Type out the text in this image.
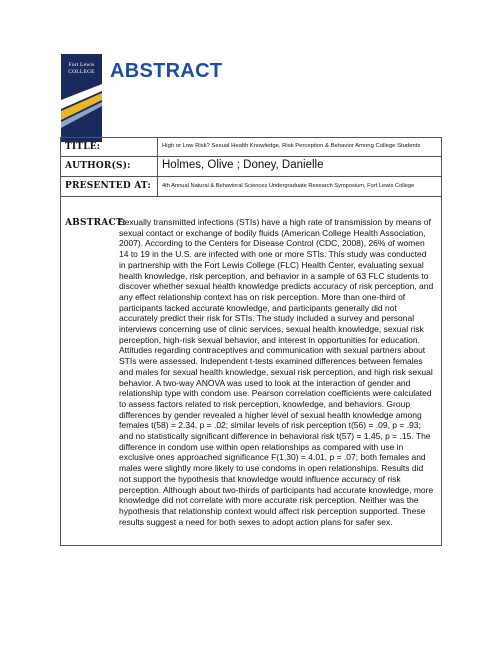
Fort Lewis
COLLEGE ABSTRACT
TITLE:	High or Low Risk? Sexual Health Knowledge, Risk Perception & Behavior Among College Students
AUTHOR(S):	Holmes, Olive ; Doney, Danielle
PRESENTED AT: 4th Annual Natural & Behavioral Sciences Undergraduate Research Symposium, Fort Lewis College
ABSTRACT:
Sexually transmitted infections (STIs) have a high rate of transmission by means of sexual contact or exchange of bodily fluids (American College Health Association, 2007). According to the Centers for Disease Control (CDC, 2008), 26% of women 14 to 19 in the U.S. are infected with one or more STIs. This study was conducted in partnership with the Fort Lewis College (FLC) Health Center, evaluating sexual health knowledge, risk perception, and behavior in a sample of 63 FLC students to discover whether sexual health knowledge predicts accuracy of risk perception, and any effect relationship context has on risk perception. More than one-third of participants lacked accurate knowledge, and participants generally did not accurately predict their risk for STIs. The study included a survey and personal interviews concerning use of clinic services, sexual health knowledge, sexual risk perception, high-risk sexual behavior, and interest in opportunities for education. Attitudes regarding contraceptives and communication with sexual partners about STIs were assessed. Independent t-tests examined differences between females and males for sexual health knowledge, sexual risk perception, and high risk sexual behavior. A two-way ANOVA was used to look at the interaction of gender and relationship type with condom use. Pearson correlation coefficients were calculated to assess factors related to risk perception, knowledge, and behaviors. Group differences by gender revealed a higher level of sexual health knowledge among females t(58) = 2.34, p = .02; similar levels of risk perception t(56) = .09, p = .93; and no statistically significant difference in behavioral risk t(57) = 1.45, p = .15. The difference in condom use within open relationships as compared with use in exclusive ones approached significance F(1,30) = 4.01, p = .07; both females and males were slightly more likely to use condoms in open relationships. Results did not support the hypothesis that knowledge would influence accuracy of risk perception. Although about two-thirds of participants had accurate knowledge, more knowledge did not correlate with more accurate risk perception. Neither was the hypothesis that relationship context would affect risk perception supported. These results suggest a need for both sexes to adopt action plans for safer sex.
